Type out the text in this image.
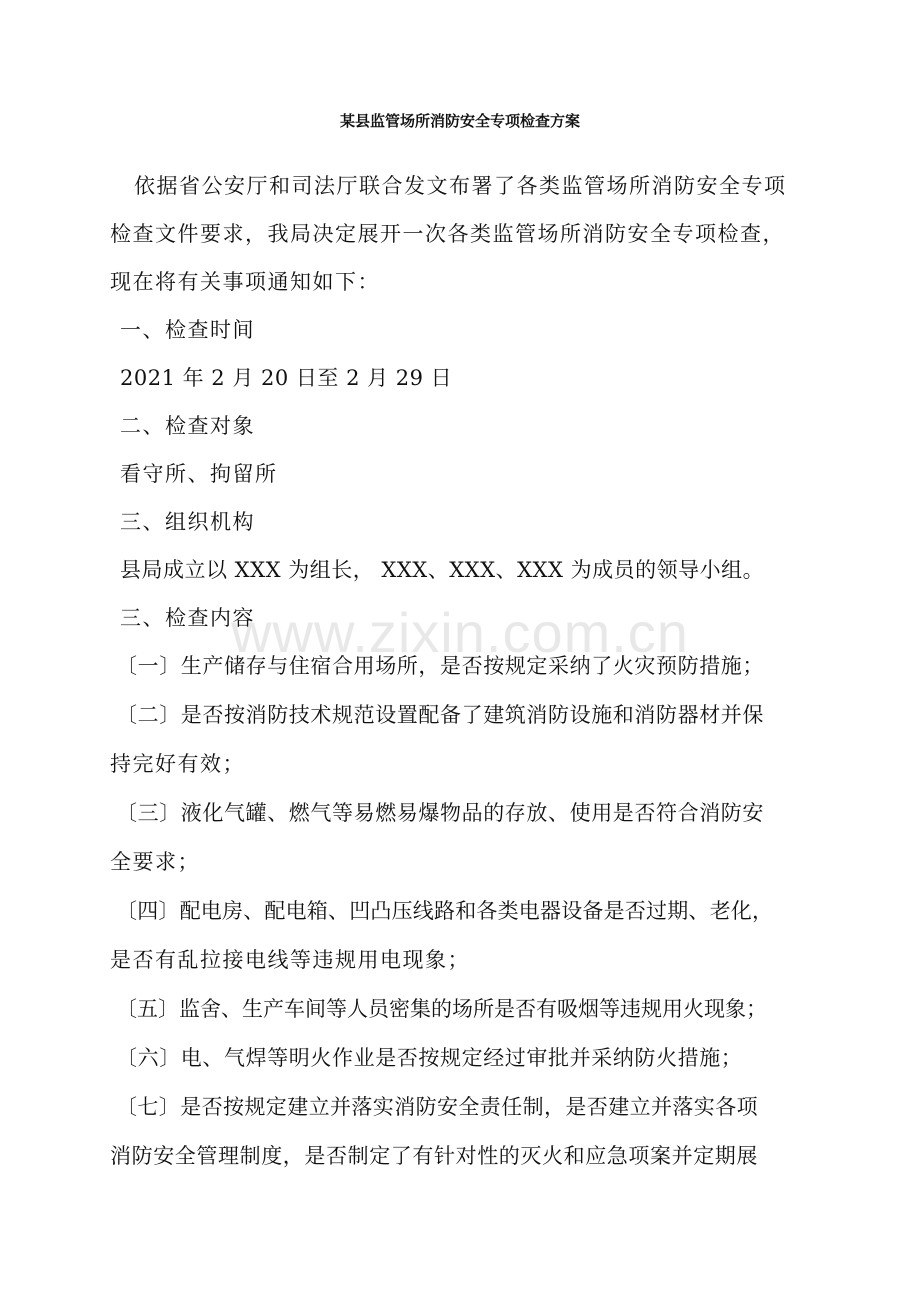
某县监管场所消防安全专项检查方案
依据省公安厅和司法厅联合发文布署了各类监管场所消防安全专项
检查文件要求，我局决定展开一次各类监管场所消防安全专项检查，
现在将有关事项通知如下：
一、检查时间
2021 年 2 月 20 日至 2 月 29 日
二、检查对象
看守所、拘留所
三、组织机构
县局成立以 XXX 为组长， XXX、XXX、XXX 为成员的领导小组。
三、检查内容
〔一〕生产储存与住宿合用场所，是否按规定采纳了火灾预防措施；
〔二〕是否按消防技术规范设置配备了建筑消防设施和消防器材并保
持完好有效；
〔三〕液化气罐、燃气等易燃易爆物品的存放、使用是否符合消防安
全要求；
〔四〕配电房、配电箱、凹凸压线路和各类电器设备是否过期、老化，
是否有乱拉接电线等违规用电现象；
〔五〕监舍、生产车间等人员密集的场所是否有吸烟等违规用火现象；
〔六〕电、气焊等明火作业是否按规定经过审批并采纳防火措施；
〔七〕是否按规定建立并落实消防安全责任制，是否建立并落实各项
消防安全管理制度，是否制定了有针对性的灭火和应急项案并定期展
www.zixin.com.cn
